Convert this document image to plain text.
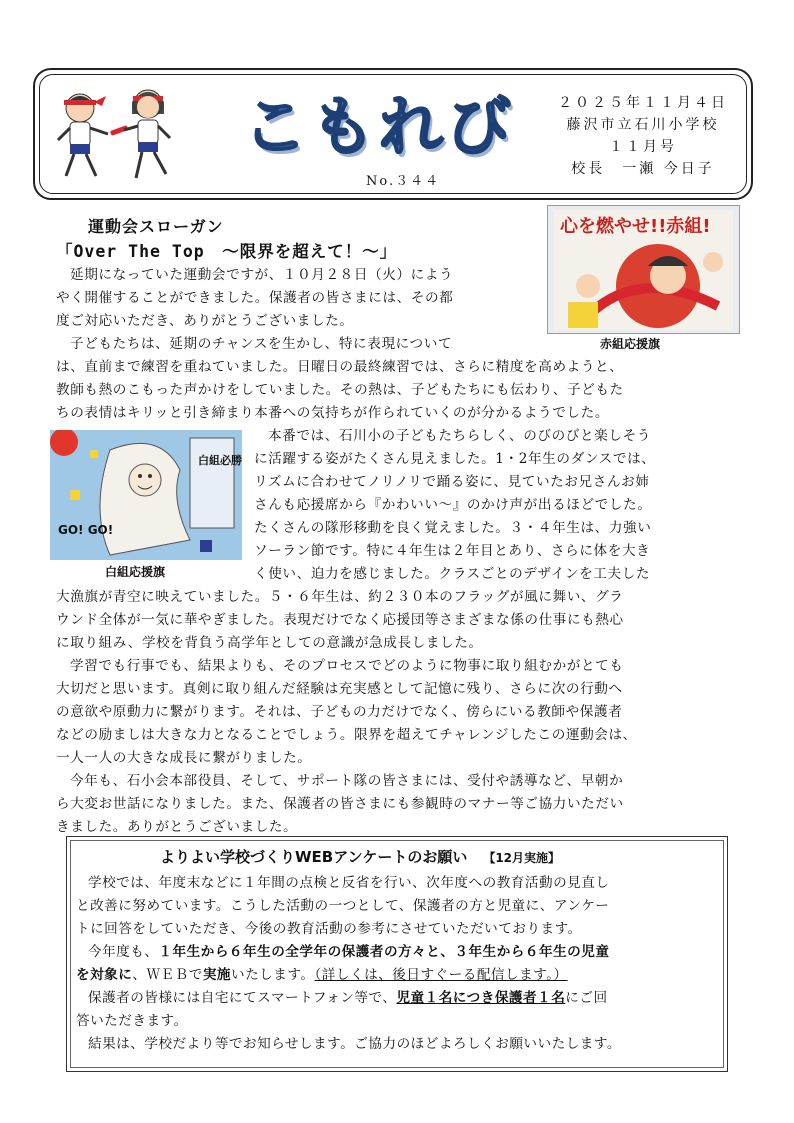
こもれび
No.３４４
２０２５年１１月４日
藤沢市立石川小学校
１１月号
校長　一瀬 今日子
心を燃やせ!!赤組!
赤組応援旗
白組必勝
GO! GO!
白組応援旗
運動会スローガン
「Over The Top　～限界を超えて！～」
延期になっていた運動会ですが、１０月２８日（火）によう
やく開催することができました。保護者の皆さまには、その都
度ご対応いただき、ありがとうございました。
子どもたちは、延期のチャンスを生かし、特に表現について
は、直前まで練習を重ねていました。日曜日の最終練習では、さらに精度を高めようと、
教師も熱のこもった声かけをしていました。その熱は、子どもたちにも伝わり、子どもた
ちの表情はキリッと引き締まり本番への気持ちが作られていくのが分かるようでした。
本番では、石川小の子どもたちらしく、のびのびと楽しそう
に活躍する姿がたくさん見えました。1・2年生のダンスでは、
リズムに合わせてノリノリで踊る姿に、見ていたお兄さんお姉
さんも応援席から『かわいい～』のかけ声が出るほどでした。
たくさんの隊形移動を良く覚えました。３・４年生は、力強い
ソーラン節です。特に４年生は２年目とあり、さらに体を大き
く使い、迫力を感じました。クラスごとのデザインを工夫した
大漁旗が青空に映えていました。５・６年生は、約２３０本のフラッグが風に舞い、グラ
ウンド全体が一気に華やぎました。表現だけでなく応援団等さまざまな係の仕事にも熱心
に取り組み、学校を背負う高学年としての意識が急成長しました。
学習でも行事でも、結果よりも、そのプロセスでどのように物事に取り組むかがとても
大切だと思います。真剣に取り組んだ経験は充実感として記憶に残り、さらに次の行動へ
の意欲や原動力に繋がります。それは、子どもの力だけでなく、傍らにいる教師や保護者
などの励ましは大きな力となることでしょう。限界を超えてチャレンジしたこの運動会は、
一人一人の大きな成長に繋がりました。
今年も、石小会本部役員、そして、サポート隊の皆さまには、受付や誘導など、早朝か
ら大変お世話になりました。また、保護者の皆さまにも参観時のマナー等ご協力いただい
きました。ありがとうございました。
よりよい学校づくりWEBアンケートのお願い 【12月実施】
学校では、年度末などに１年間の点検と反省を行い、次年度への教育活動の見直し
と改善に努めています。こうした活動の一つとして、保護者の方と児童に、アンケー
トに回答をしていただき、今後の教育活動の参考にさせていただいております。
今年度も、１年生から６年生の全学年の保護者の方々と、３年生から６年生の児童
を対象に、ＷＥＢで実施いたします。（詳しくは、後日すぐーる配信します。）
保護者の皆様には自宅にてスマートフォン等で、児童１名につき保護者１名にご回
答いただきます。
結果は、学校だより等でお知らせします。ご協力のほどよろしくお願いいたします。
